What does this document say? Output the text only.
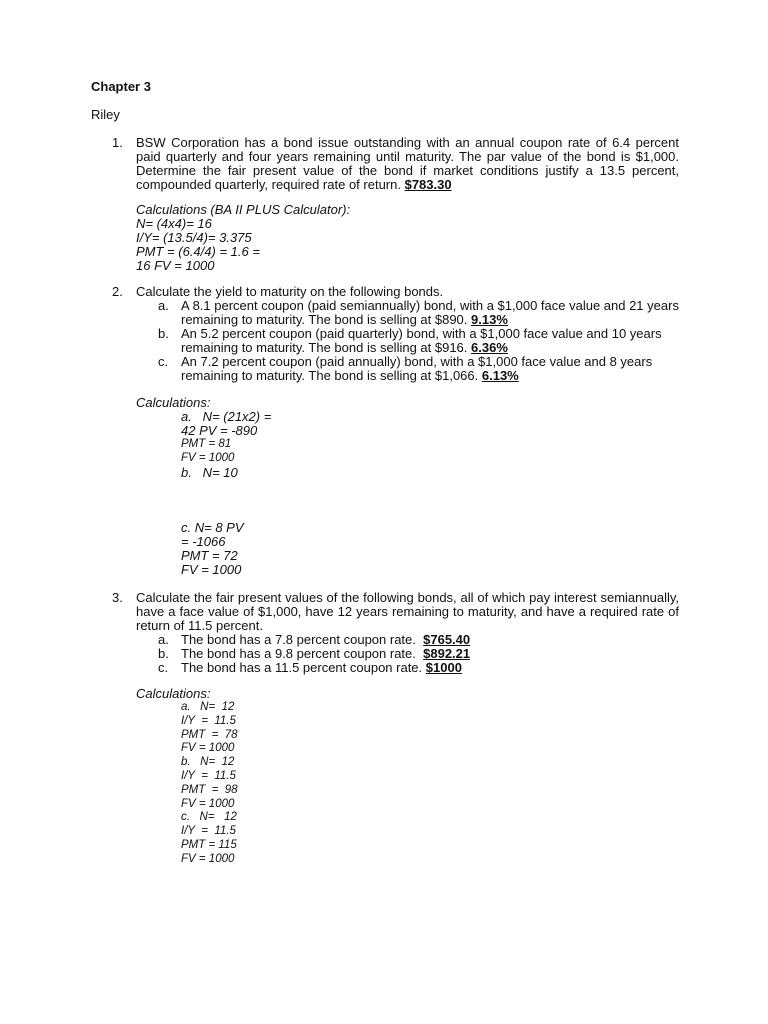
Chapter 3
Riley
1. BSW Corporation has a bond issue outstanding with an annual coupon rate of 6.4 percent paid quarterly and four years remaining until maturity. The par value of the bond is $1,000. Determine the fair present value of the bond if market conditions justify a 13.5 percent, compounded quarterly, required rate of return. $783.30
Calculations (BA II PLUS Calculator):
N= (4x4)= 16
I/Y= (13.5/4)= 3.375
PMT = (6.4/4) = 1.6 =
16 FV = 1000
2. Calculate the yield to maturity on the following bonds.
a. A 8.1 percent coupon (paid semiannually) bond, with a $1,000 face value and 21 years remaining to maturity. The bond is selling at $890. 9.13%
b. An 5.2 percent coupon (paid quarterly) bond, with a $1,000 face value and 10 years remaining to maturity. The bond is selling at $916. 6.36%
c. An 7.2 percent coupon (paid annually) bond, with a $1,000 face value and 8 years remaining to maturity. The bond is selling at $1,066. 6.13%
Calculations:
a.   N= (21x2) =
42 PV = -890
PMT = 81
FV = 1000
b.   N= 10
c. N= 8 PV
= -1066
PMT = 72
FV = 1000
3. Calculate the fair present values of the following bonds, all of which pay interest semiannually, have a face value of $1,000, have 12 years remaining to maturity, and have a required rate of return of 11.5 percent.
a. The bond has a 7.8 percent coupon rate. $765.40
b. The bond has a 9.8 percent coupon rate. $892.21
c. The bond has a 11.5 percent coupon rate. $1000
Calculations:
a.   N=  12
I/Y  =  11.5
PMT  =  78
FV = 1000
b.   N=  12
I/Y  =  11.5
PMT  =  98
FV = 1000
c.   N=   12
I/Y  =  11.5
PMT = 115
FV = 1000
